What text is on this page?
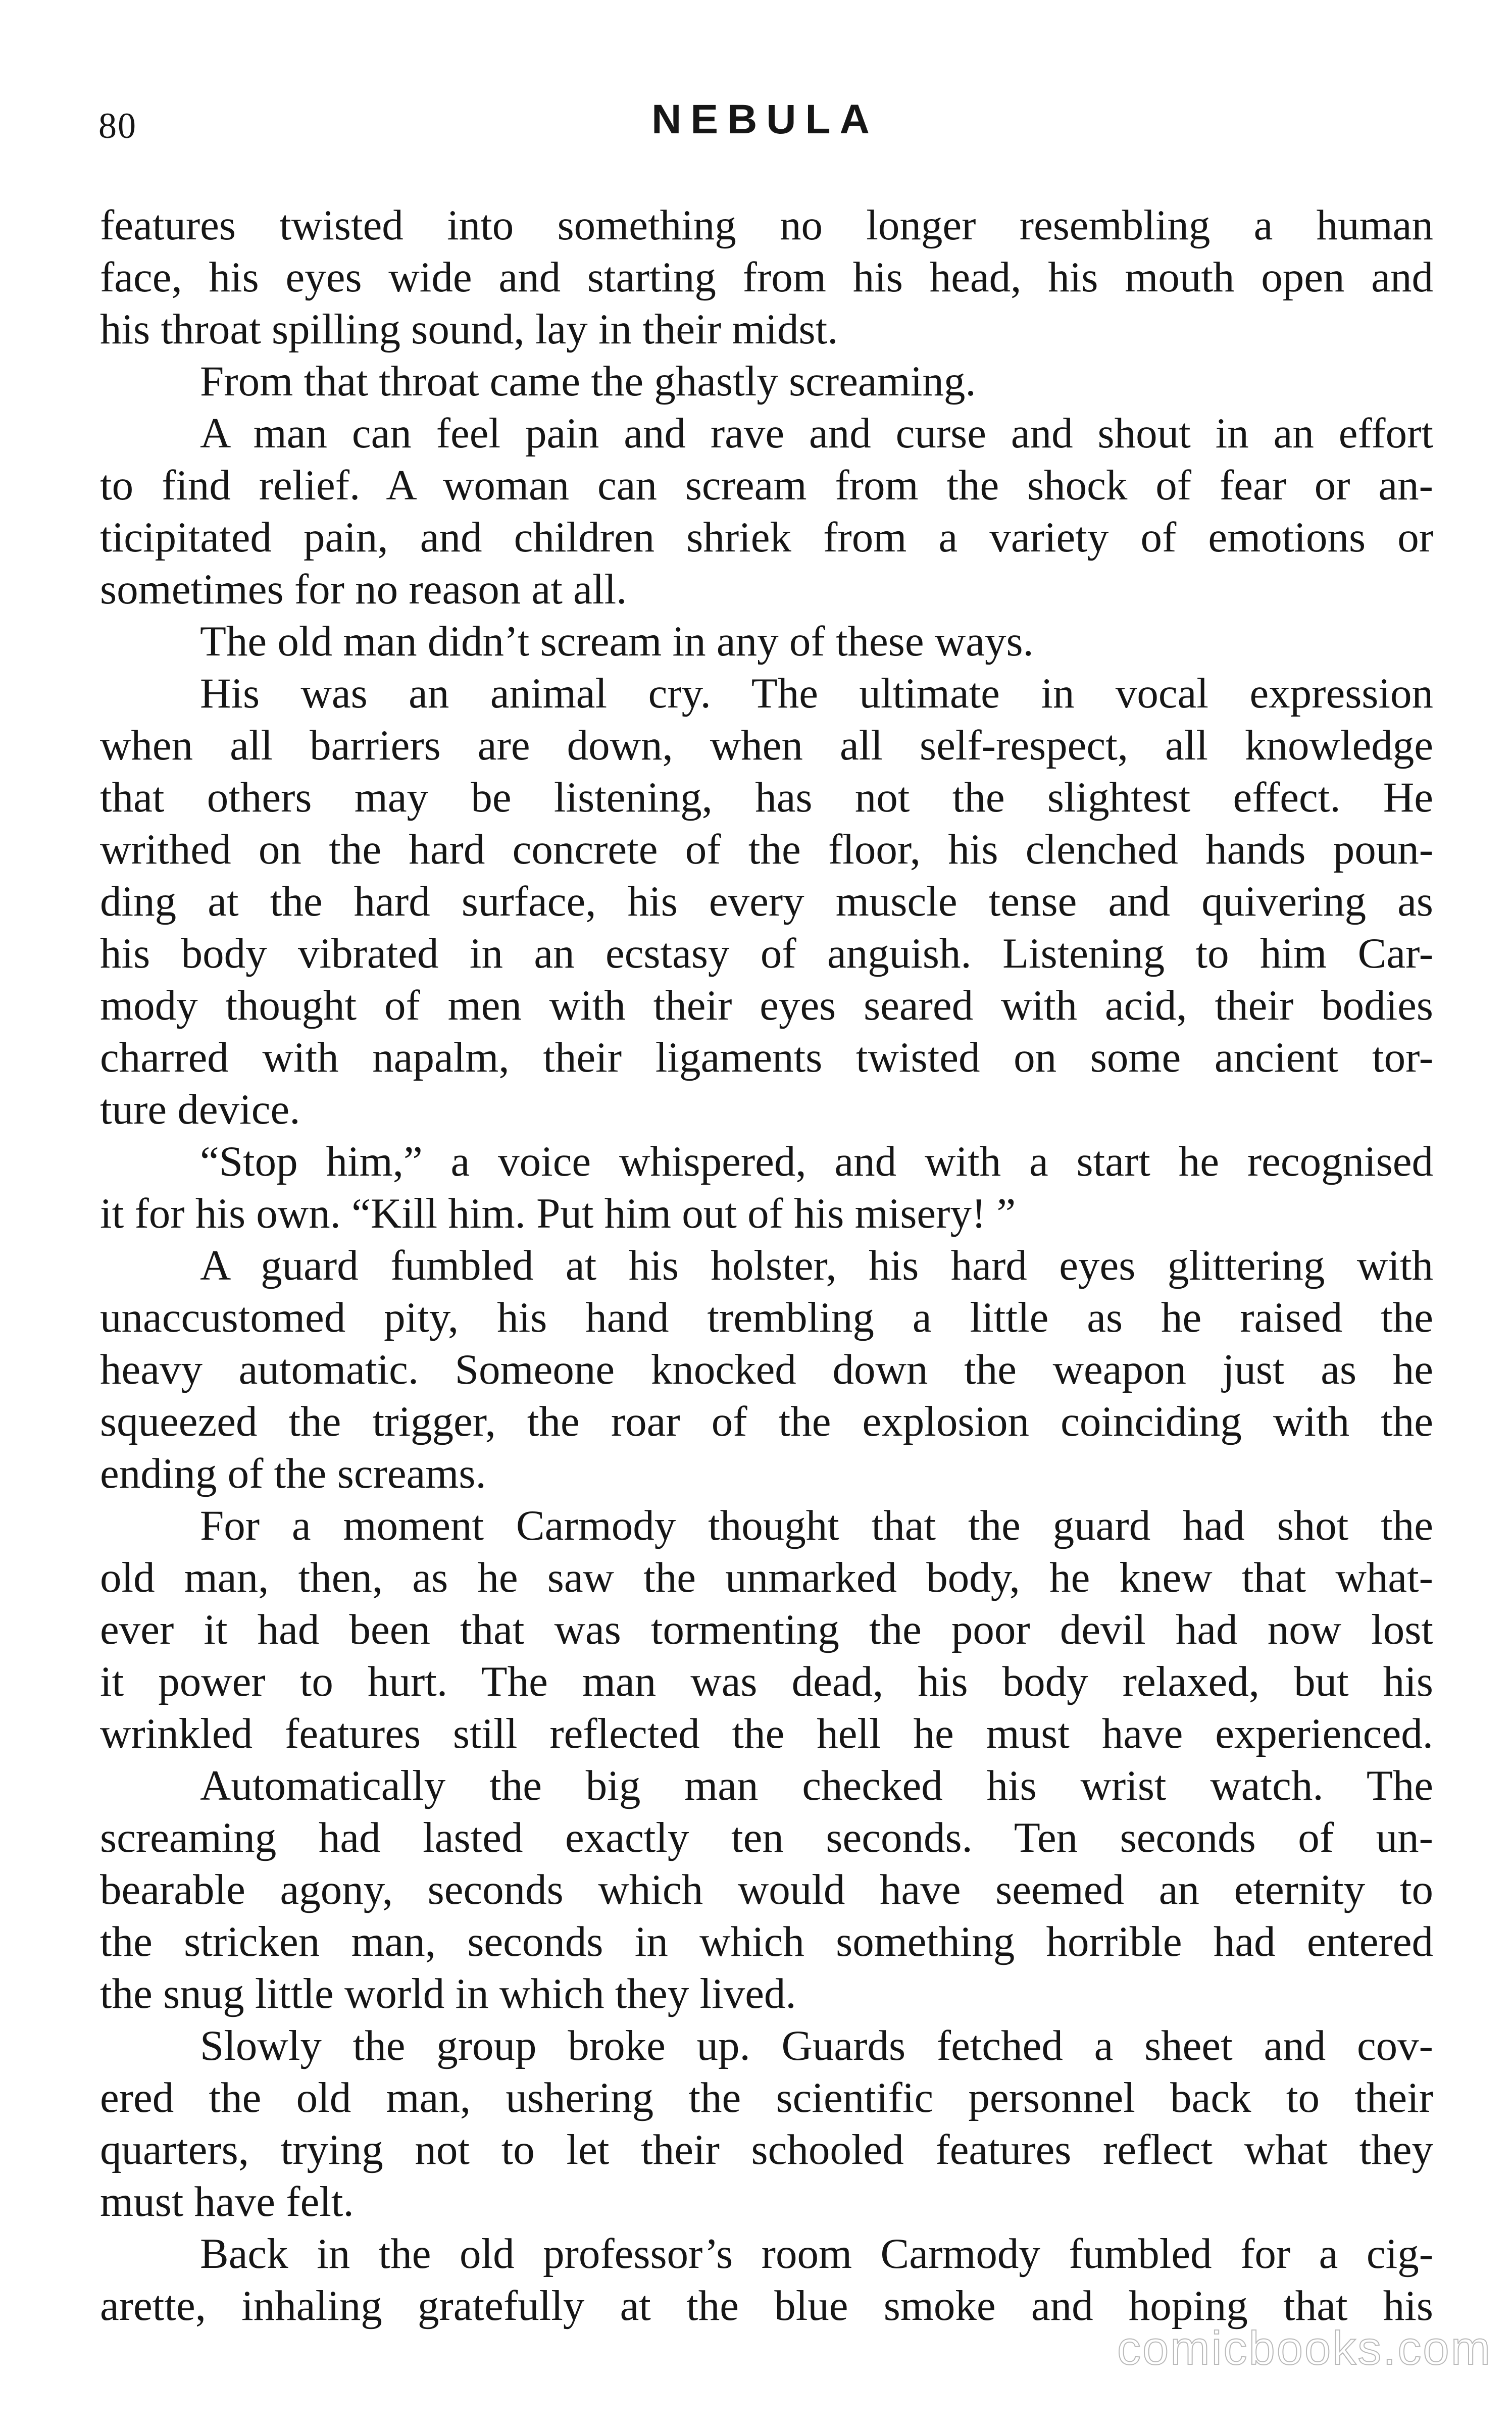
80	NEBULA
features twisted into something no longer resembling a human
face, his eyes wide and starting from his head, his mouth open and
his throat spilling sound, lay in their midst.
From that throat came the ghastly screaming.
A man can feel pain and rave and curse and shout in an effort
to find relief. A woman can scream from the shock of fear or an-
ticipitated pain, and children shriek from a variety of emotions or
sometimes for no reason at all.
The old man didn’t scream in any of these ways.
His was an animal cry. The ultimate in vocal expression
when all barriers are down, when all self-respect, all knowledge
that others may be listening, has not the slightest effect. He
writhed on the hard concrete of the floor, his clenched hands poun-
ding at the hard surface, his every muscle tense and quivering as
his body vibrated in an ecstasy of anguish. Listening to him Car-
mody thought of men with their eyes seared with acid, their bodies
charred with napalm, their ligaments twisted on some ancient tor-
ture device.
“Stop him,” a voice whispered, and with a start he recognised
it for his own. “Kill him. Put him out of his misery! ”
A guard fumbled at his holster, his hard eyes glittering with
unaccustomed pity, his hand trembling a little as he raised the
heavy automatic. Someone knocked down the weapon just as he
squeezed the trigger, the roar of the explosion coinciding with the
ending of the screams.
For a moment Carmody thought that the guard had shot the
old man, then, as he saw the unmarked body, he knew that what-
ever it had been that was tormenting the poor devil had now lost
it power to hurt. The man was dead, his body relaxed, but his
wrinkled features still reflected the hell he must have experienced.
Automatically the big man checked his wrist watch. The
screaming had lasted exactly ten seconds. Ten seconds of un-
bearable agony, seconds which would have seemed an eternity to
the stricken man, seconds in which something horrible had entered
the snug little world in which they lived.
Slowly the group broke up. Guards fetched a sheet and cov-
ered the old man, ushering the scientific personnel back to their
quarters, trying not to let their schooled features reflect what they
must have felt.
Back in the old professor’s room Carmody fumbled for a cig-
arette, inhaling gratefully at the blue smoke and hoping that his
comicbooks.com
